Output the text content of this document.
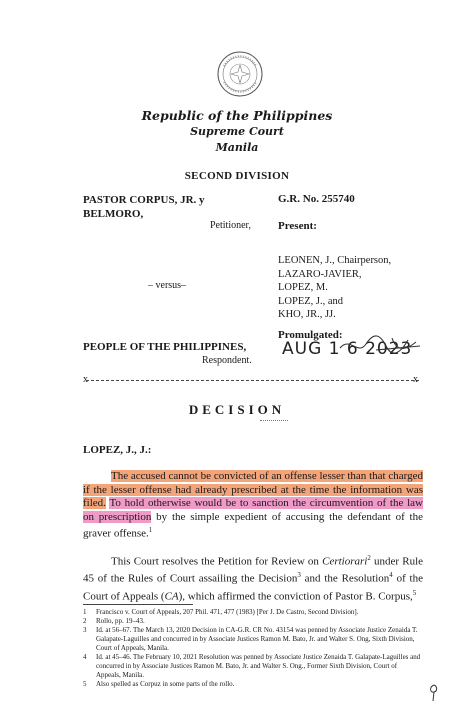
Republic of the Philippines
Supreme Court
Manila
SECOND DIVISION
PASTOR CORPUS, JR. y BELMORO,
Petitioner,
G.R. No. 255740
Present:
LEONEN, J., Chairperson,
LAZARO-JAVIER,
LOPEZ, M.
LOPEZ, J., and
KHO, JR., JJ.
– versus–
Promulgated:
AUG 1 6 2023
PEOPLE OF THE PHILIPPINES,
Respondent.
x	x
DECISION
LOPEZ, J., J.:
The accused cannot be convicted of an offense lesser than that charged if the lesser offense had already prescribed at the time the information was filed. To hold otherwise would be to sanction the circumvention of the law on prescription by the simple expedient of accusing the defendant of the graver offense.$^1$
This Court resolves the Petition for Review on Certiorari$^2$ under Rule 45 of the Rules of Court assailing the Decision$^3$ and the Resolution$^4$ of the Court of Appeals (CA), which affirmed the conviction of Pastor B. Corpus,$^5$
1	Francisco v. Court of Appeals, 207 Phil. 471, 477 (1983) [Per J. De Castro, Second Division].
2	Rollo, pp. 19–43.
3	Id. at 56–67. The March 13, 2020 Decision in CA-G.R. CR No. 43154 was penned by Associate Justice Zenaida T. Galapate-Laguilles and concurred in by Associate Justices Ramon M. Bato, Jr. and Walter S. Ong, Sixth Division, Court of Appeals, Manila.
4	Id. at 45–46. The February 10, 2021 Resolution was penned by Associate Justice Zenaida T. Galapate-Laguilles and concurred in by Associate Justices Ramon M. Bato, Jr. and Walter S. Ong., Former Sixth Division, Court of Appeals, Manila.
5	Also spelled as Corpuz in some parts of the rollo.
